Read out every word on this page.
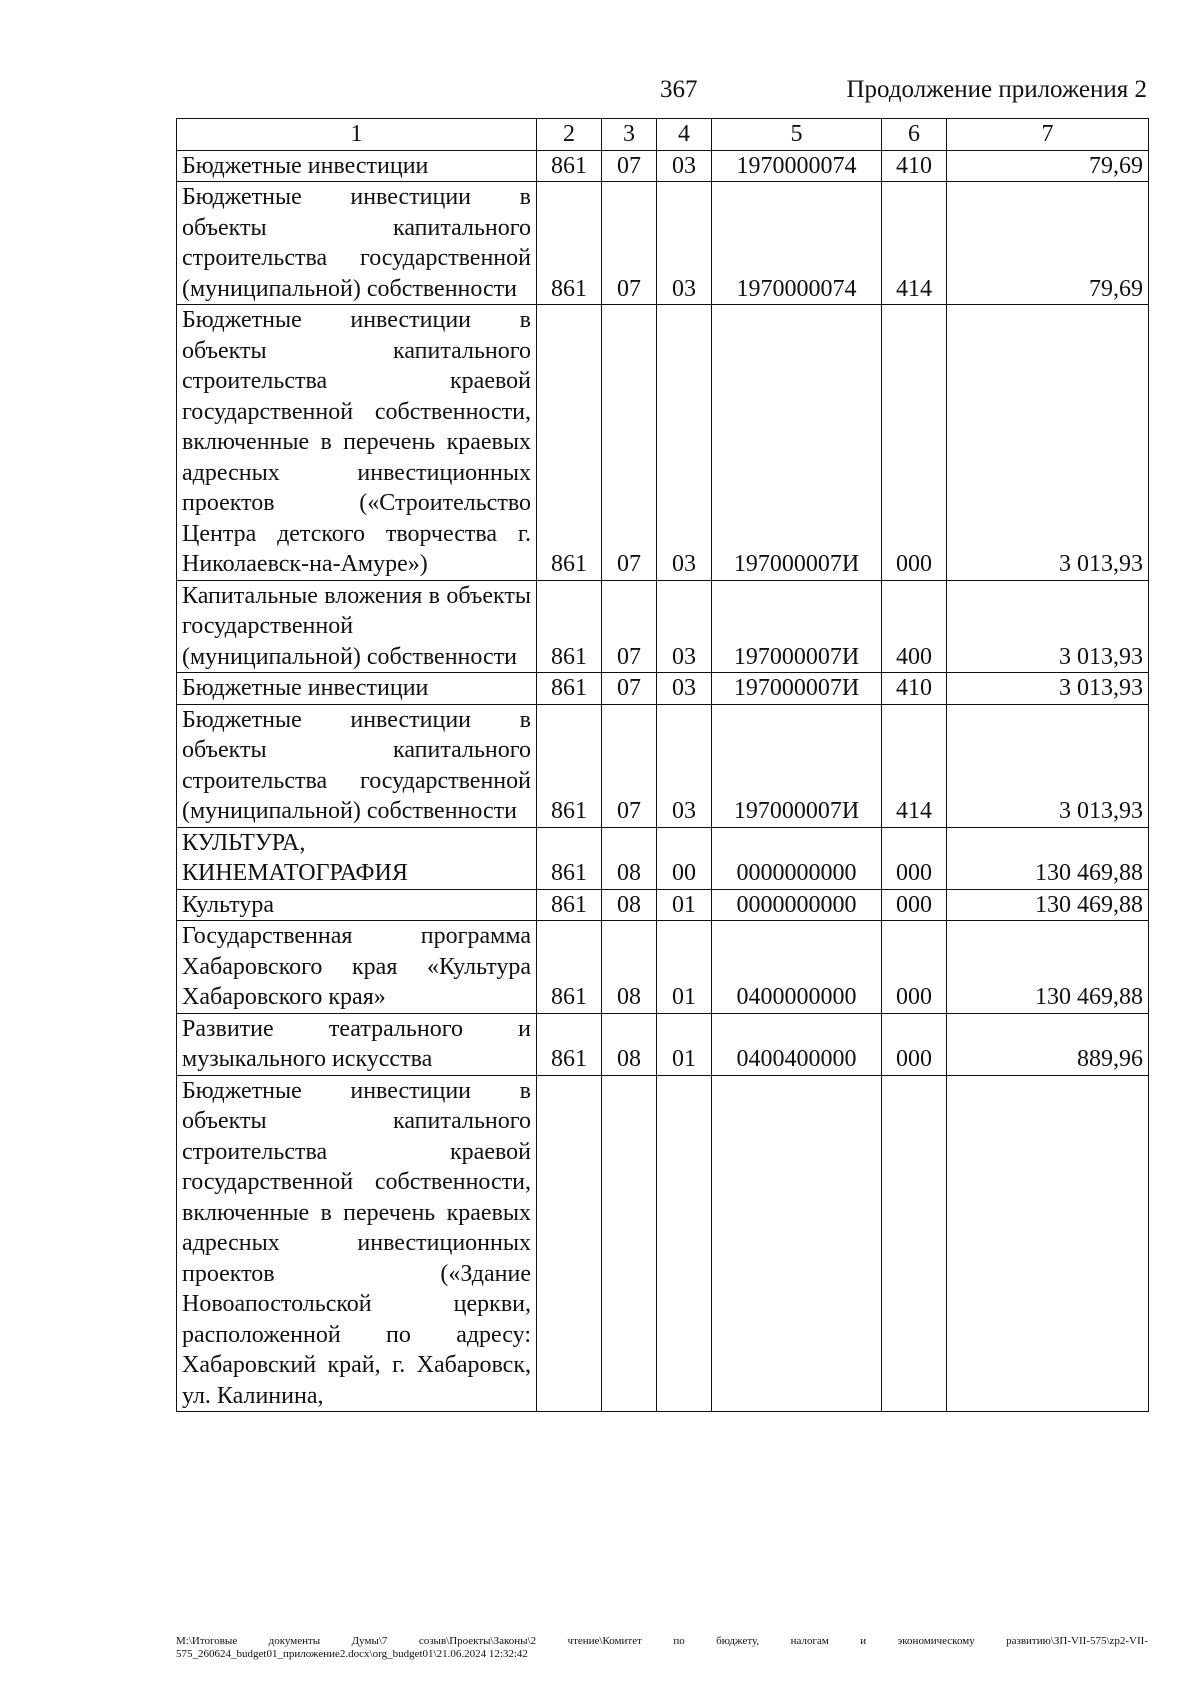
367	Продолжение приложения 2
1	2	3	4	5	6	7
Бюджетные инвестиции	861	07	03	1970000074	410	79,69
Бюджетные инвестиции в объекты капитального строительства государственной (муниципальной) собственности	861	07	03	1970000074	414	79,69
Бюджетные инвестиции в объекты капитального строительства краевой государственной собственности, включенные в перечень краевых адресных инвестиционных проектов («Строительство Центра детского творчества г. Николаевск-на-Амуре»)	861	07	03	197000007И	000	3 013,93
Капитальные вложения в объекты государственной (муниципальной) собственности	861	07	03	197000007И	400	3 013,93
Бюджетные инвестиции	861	07	03	197000007И	410	3 013,93
Бюджетные инвестиции в объекты капитального строительства государственной (муниципальной) собственности	861	07	03	197000007И	414	3 013,93
КУЛЬТУРА, КИНЕМАТОГРАФИЯ	861	08	00	0000000000	000	130 469,88
Культура	861	08	01	0000000000	000	130 469,88
Государственная программа Хабаровского края «Культура Хабаровского края»	861	08	01	0400000000	000	130 469,88
Развитие театрального и музыкального искусства	861	08	01	0400400000	000	889,96
Бюджетные инвестиции в объекты капитального строительства краевой государственной собственности, включенные в перечень краевых адресных инвестиционных проектов («Здание Новоапостольской церкви, расположенной по адресу: Хабаровский край, г. Хабаровск, ул. Калинина,						
М:\Итоговые документы Думы\7 созыв\Проекты\Законы\2 чтение\Комитет по бюджету, налогам и экономическому развитию\ЗП-VII-575\zp2-VII-575_260624_budget01_приложение2.docx\org_budget01\21.06.2024 12:32:42
